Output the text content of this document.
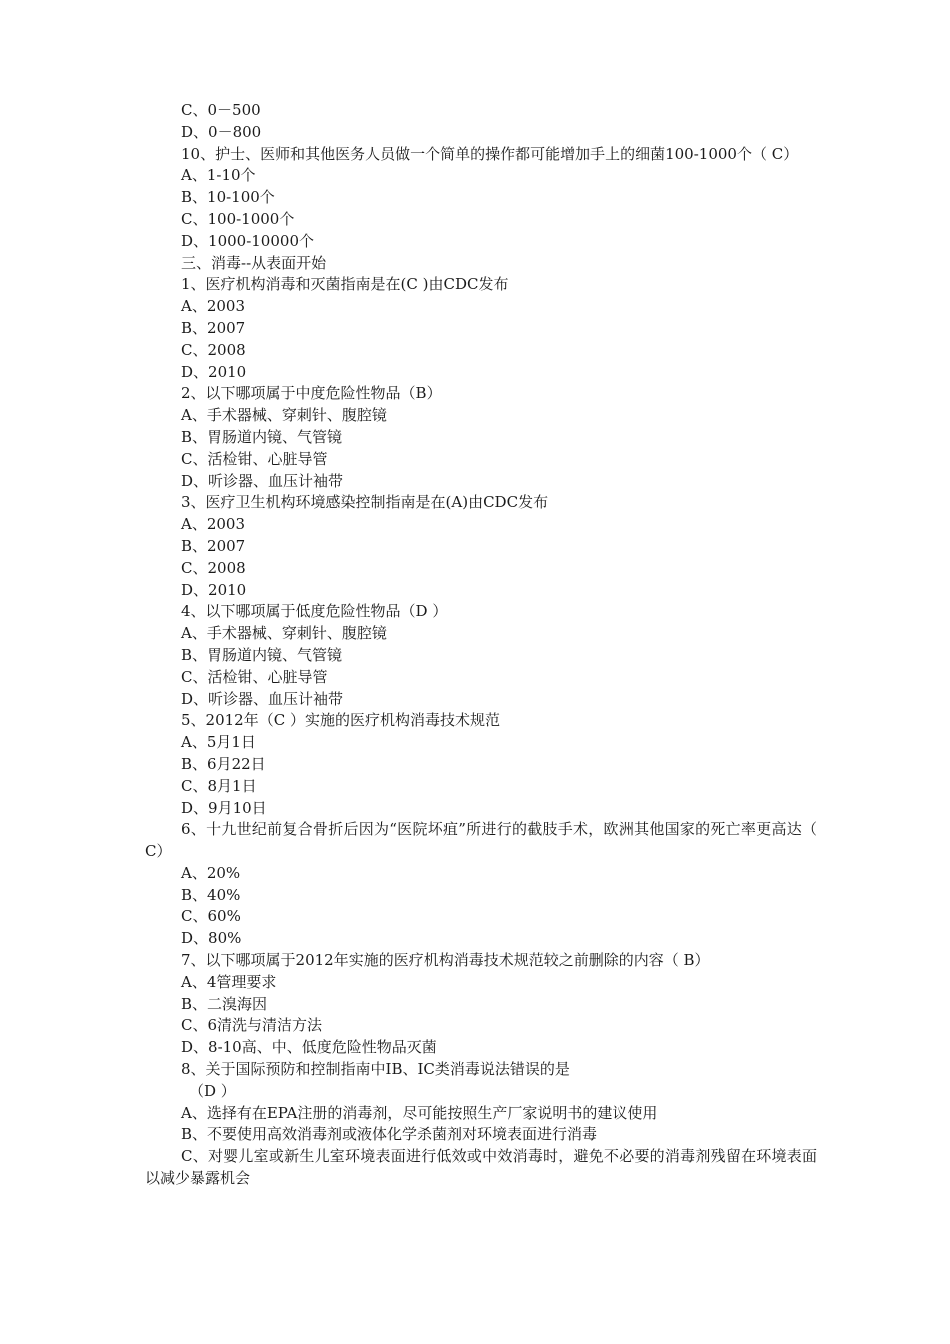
C、0－500
D、0－800
10、护士、医师和其他医务人员做一个简单的操作都可能增加手上的细菌100-1000个（ C）
A、1-10个
B、10-100个
C、100-1000个
D、1000-10000个
三、消毒--从表面开始
1、医疗机构消毒和灭菌指南是在(C )由CDC发布
A、2003
B、2007
C、2008
D、2010
2、以下哪项属于中度危险性物品（B）
A、手术器械、穿刺针、腹腔镜
B、胃肠道内镜、气管镜
C、活检钳、心脏导管
D、听诊器、血压计袖带
3、医疗卫生机构环境感染控制指南是在(A)由CDC发布
A、2003
B、2007
C、2008
D、2010
4、以下哪项属于低度危险性物品（D ）
A、手术器械、穿刺针、腹腔镜
B、胃肠道内镜、气管镜
C、活检钳、心脏导管
D、听诊器、血压计袖带
5、2012年（C ）实施的医疗机构消毒技术规范
A、5月1日
B、6月22日
C、8月1日
D、9月10日
6、十九世纪前复合骨折后因为“医院坏疽”所进行的截肢手术，欧洲其他国家的死亡率更高达（ C）
A、20%
B、40%
C、60%
D、80%
7、以下哪项属于2012年实施的医疗机构消毒技术规范较之前删除的内容（ B）
A、4管理要求
B、二溴海因
C、6清洗与清洁方法
D、8-10高、中、低度危险性物品灭菌
8、关于国际预防和控制指南中IB、IC类消毒说法错误的是
（D ）
A、选择有在EPA注册的消毒剂，尽可能按照生产厂家说明书的建议使用
B、不要使用高效消毒剂或液体化学杀菌剂对环境表面进行消毒
C、对婴儿室或新生儿室环境表面进行低效或中效消毒时，避免不必要的消毒剂残留在环境表面以减少暴露机会
